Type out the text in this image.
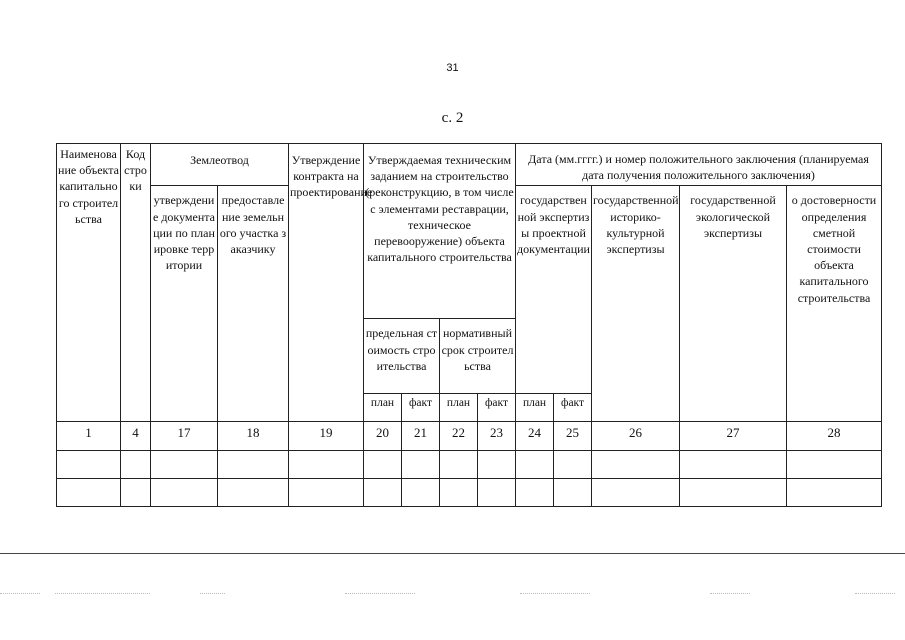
31
с. 2
Наименование объекта капитального строительства	Код строки	Землеотвод		Утверждение контракта на проектирование	Утверждаемая техническим заданием на строительство (реконструкцию, в том числе с элементами реставрации, техническое перевооружение) объекта капитального строительства				Дата (мм.гггг.) и номер положительного заключения (планируемая дата получения положительного заключения)				
		утверждение документации по планировке территории	предоставление земельного участка заказчику						государственной экспертизы проектной документации		государственной историко-культурной экспертизы	государственной экологической экспертизы	о достоверности определения сметной стоимости объекта капитального строительства
					предельная стоимость строительства		нормативный срок строительства						
					план	факт	план	факт	план	факт			
1	4	17	18	19	20	21	22	23	24	25	26	27	28
